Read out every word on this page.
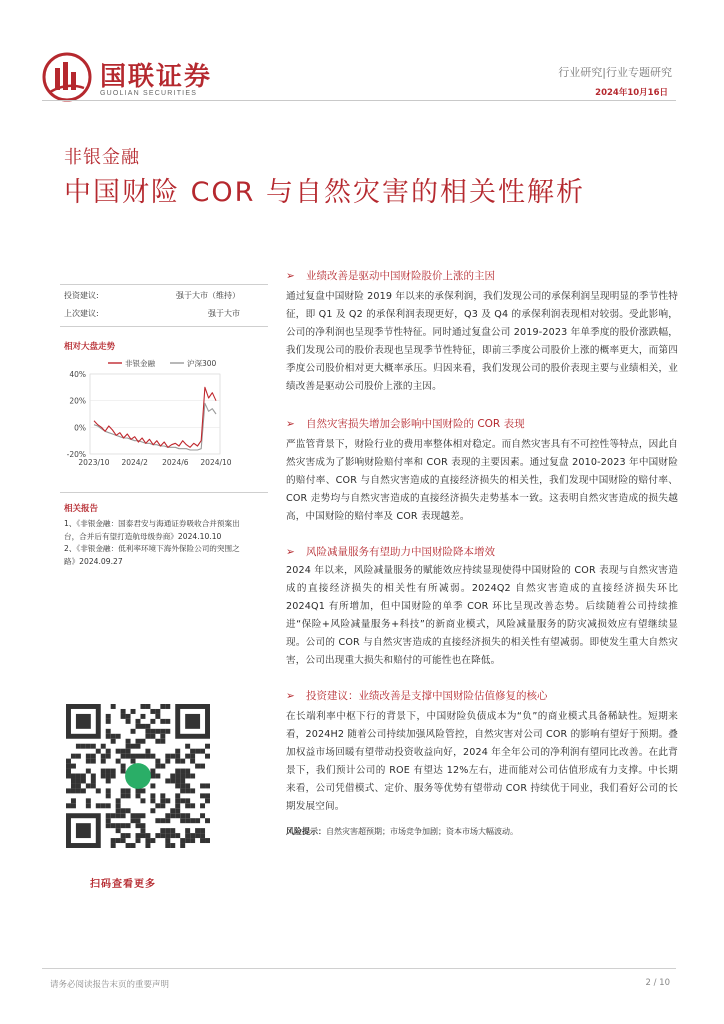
国联证券
GUOLIAN SECURITIES
行业研究|行业专题研究
2024年10月16日
非银金融
中国财险 COR 与自然灾害的相关性解析
投资建议:	强于大市（维持）
上次建议:	强于大市
相对大盘走势
40%
20%
0%
-20%
2023/10 2024/2 2024/6 2024/10
非银金融	沪深300
相关报告
1、《非银金融：国泰君安与海通证券吸收合并预案出台，合并后有望打造航母级券商》2024.10.10
2、《非银金融：低利率环境下海外保险公司的突围之路》2024.09.27
扫码查看更多
➢ 业绩改善是驱动中国财险股价上涨的主因
通过复盘中国财险 2019 年以来的承保利润，我们发现公司的承保利润呈现明显的季节性特征，即 Q1 及 Q2 的承保利润表现更好，Q3 及 Q4 的承保利润表现相对较弱。受此影响，公司的净利润也呈现季节性特征。同时通过复盘公司 2019-2023 年单季度的股价涨跌幅，我们发现公司的股价表现也呈现季节性特征，即前三季度公司股价上涨的概率更大，而第四季度公司股价相对更大概率承压。归因来看，我们发现公司的股价表现主要与业绩相关，业绩改善是驱动公司股价上涨的主因。
➢ 自然灾害损失增加会影响中国财险的 COR 表现
严监管背景下，财险行业的费用率整体相对稳定。而自然灾害具有不可控性等特点，因此自然灾害成为了影响财险赔付率和 COR 表现的主要因素。通过复盘 2010-2023 年中国财险的赔付率、COR 与自然灾害造成的直接经济损失的相关性，我们发现中国财险的赔付率、COR 走势均与自然灾害造成的直接经济损失走势基本一致。这表明自然灾害造成的损失越高，中国财险的赔付率及 COR 表现越差。
➢ 风险减量服务有望助力中国财险降本增效
2024 年以来，风险减量服务的赋能效应持续显现使得中国财险的 COR 表现与自然灾害造成的直接经济损失的相关性有所减弱。2024Q2 自然灾害造成的直接经济损失环比 2024Q1 有所增加，但中国财险的单季 COR 环比呈现改善态势。后续随着公司持续推进“保险+风险减量服务+科技”的新商业模式，风险减量服务的防灾减损效应有望继续显现。公司的 COR 与自然灾害造成的直接经济损失的相关性有望减弱。即使发生重大自然灾害，公司出现重大损失和赔付的可能性也在降低。
➢ 投资建议：业绩改善是支撑中国财险估值修复的核心
在长端利率中枢下行的背景下，中国财险负债成本为“负”的商业模式具备稀缺性。短期来看，2024H2 随着公司持续加强风险管控，自然灾害对公司 COR 的影响有望好于预期。叠加权益市场回暖有望带动投资收益向好，2024 年全年公司的净利润有望同比改善。在此背景下，我们预计公司的 ROE 有望达 12%左右，进而能对公司估值形成有力支撑。中长期来看，公司凭借模式、定价、服务等优势有望带动 COR 持续优于同业，我们看好公司的长期发展空间。
风险提示：自然灾害超预期；市场竞争加剧；资本市场大幅波动。
请务必阅读报告末页的重要声明	2 / 10
